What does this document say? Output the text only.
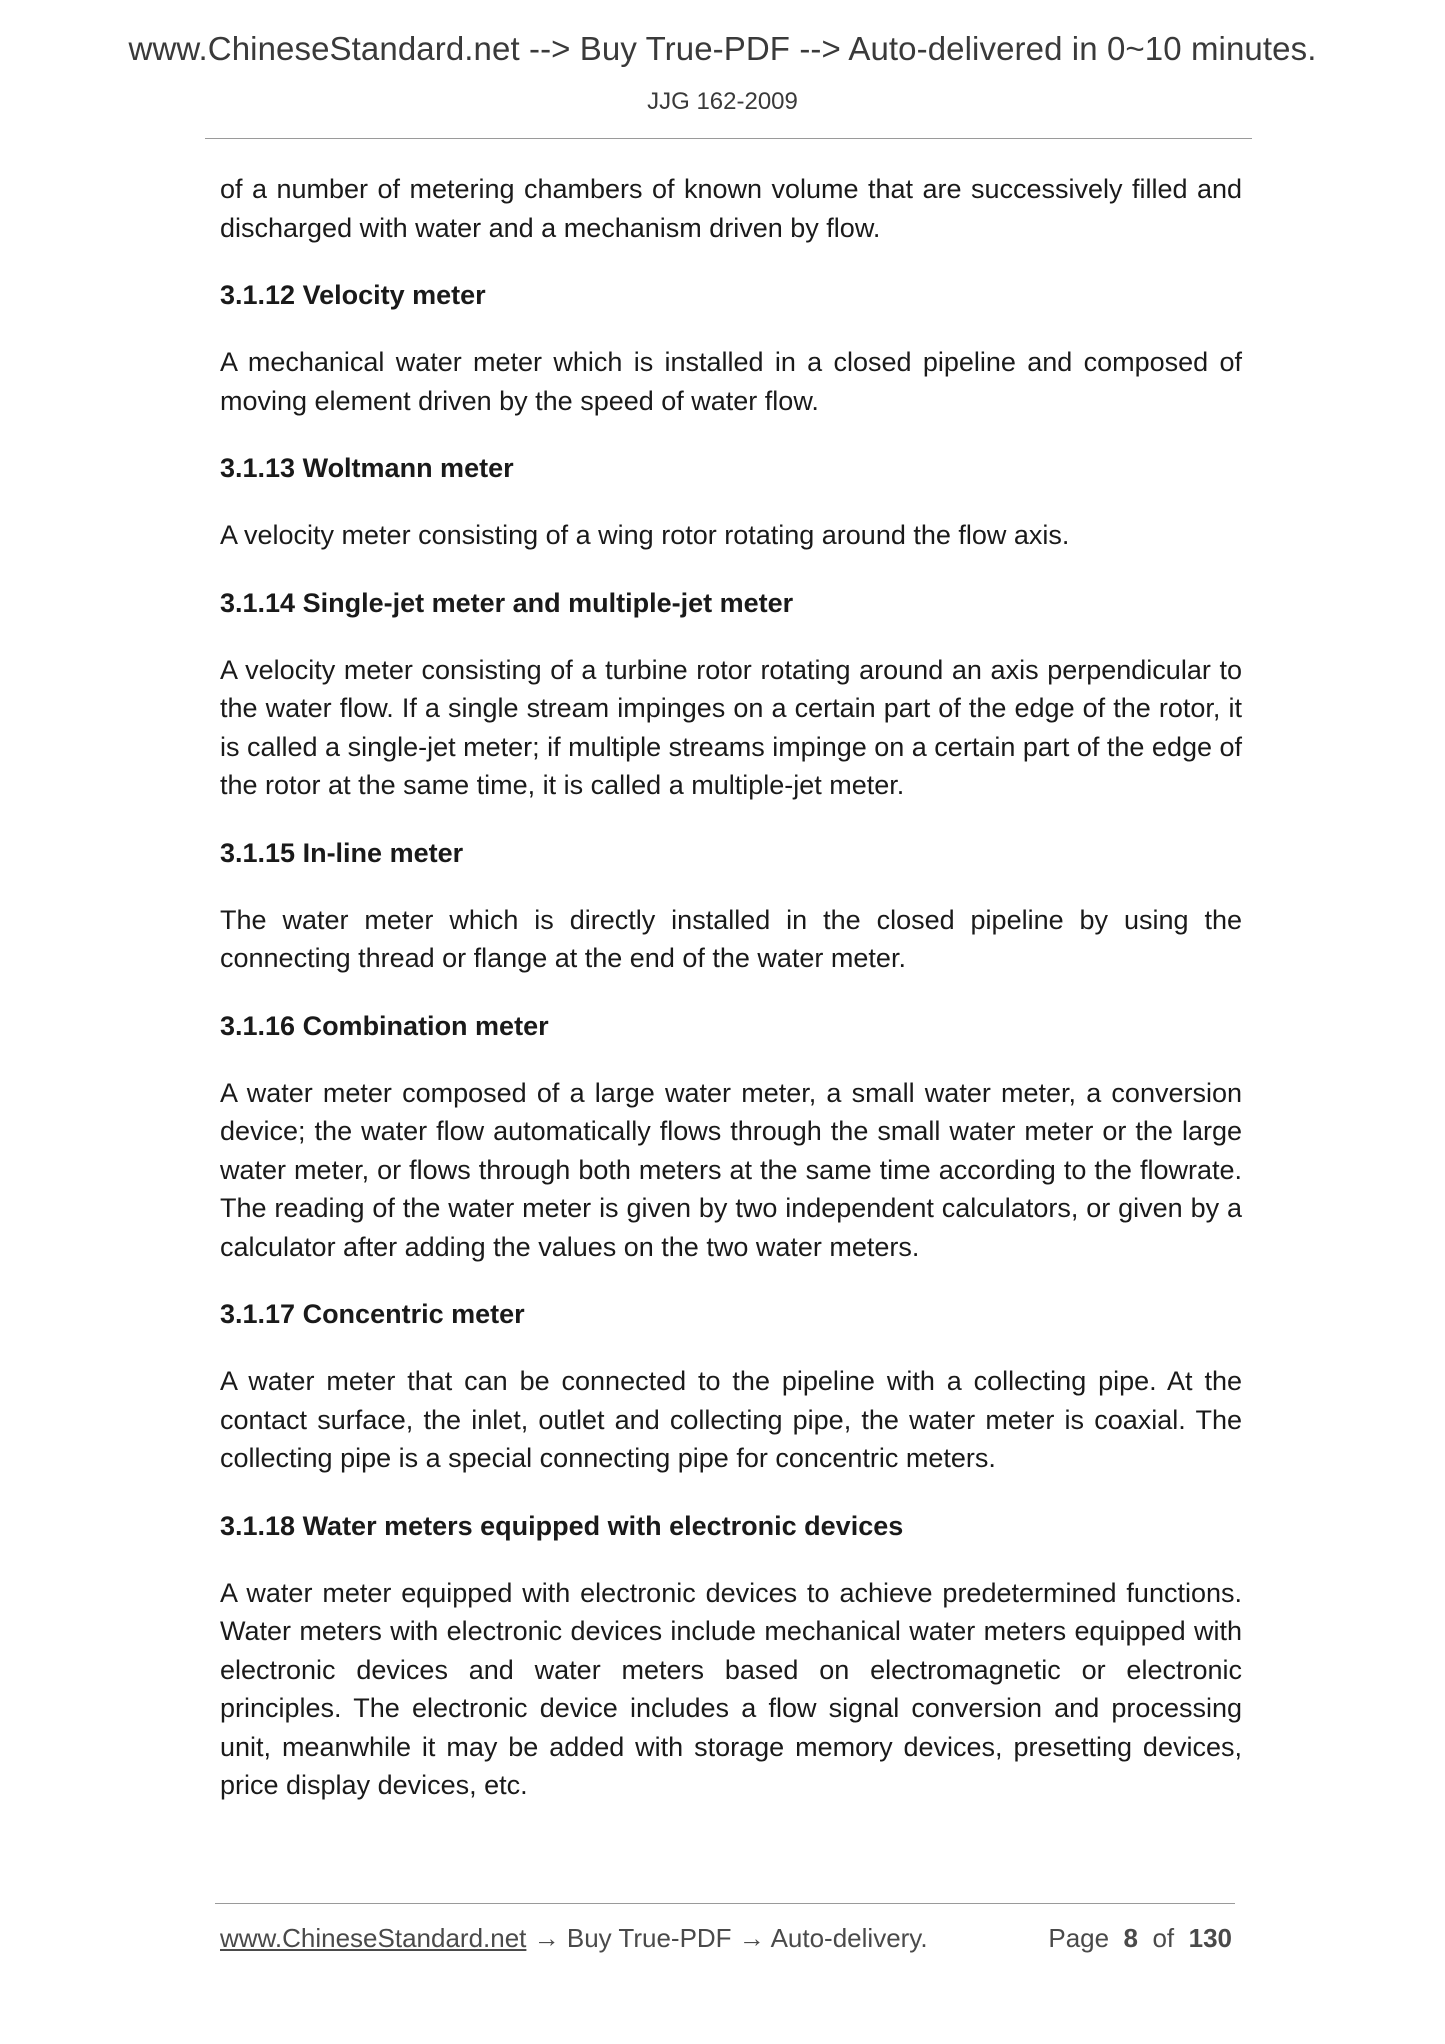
www.ChineseStandard.net --> Buy True-PDF --> Auto-delivered in 0~10 minutes.
JJG 162-2009

of a number of metering chambers of known volume that are successively filled and discharged with water and a mechanism driven by flow.

3.1.12 Velocity meter

A mechanical water meter which is installed in a closed pipeline and composed of moving element driven by the speed of water flow.

3.1.13 Woltmann meter

A velocity meter consisting of a wing rotor rotating around the flow axis.

3.1.14 Single-jet meter and multiple-jet meter

A velocity meter consisting of a turbine rotor rotating around an axis perpendicular to the water flow. If a single stream impinges on a certain part of the edge of the rotor, it is called a single-jet meter; if multiple streams impinge on a certain part of the edge of the rotor at the same time, it is called a multiple-jet meter.

3.1.15 In-line meter

The water meter which is directly installed in the closed pipeline by using the connecting thread or flange at the end of the water meter.

3.1.16 Combination meter

A water meter composed of a large water meter, a small water meter, a conversion device; the water flow automatically flows through the small water meter or the large water meter, or flows through both meters at the same time according to the flowrate. The reading of the water meter is given by two independent calculators, or given by a calculator after adding the values on the two water meters.

3.1.17 Concentric meter

A water meter that can be connected to the pipeline with a collecting pipe. At the contact surface, the inlet, outlet and collecting pipe, the water meter is coaxial. The collecting pipe is a special connecting pipe for concentric meters.

3.1.18 Water meters equipped with electronic devices

A water meter equipped with electronic devices to achieve predetermined functions. Water meters with electronic devices include mechanical water meters equipped with electronic devices and water meters based on electromagnetic or electronic principles. The electronic device includes a flow signal conversion and processing unit, meanwhile it may be added with storage memory devices, presetting devices, price display devices, etc.

www.ChineseStandard.net → Buy True-PDF → Auto-delivery.	Page 8 of 130
